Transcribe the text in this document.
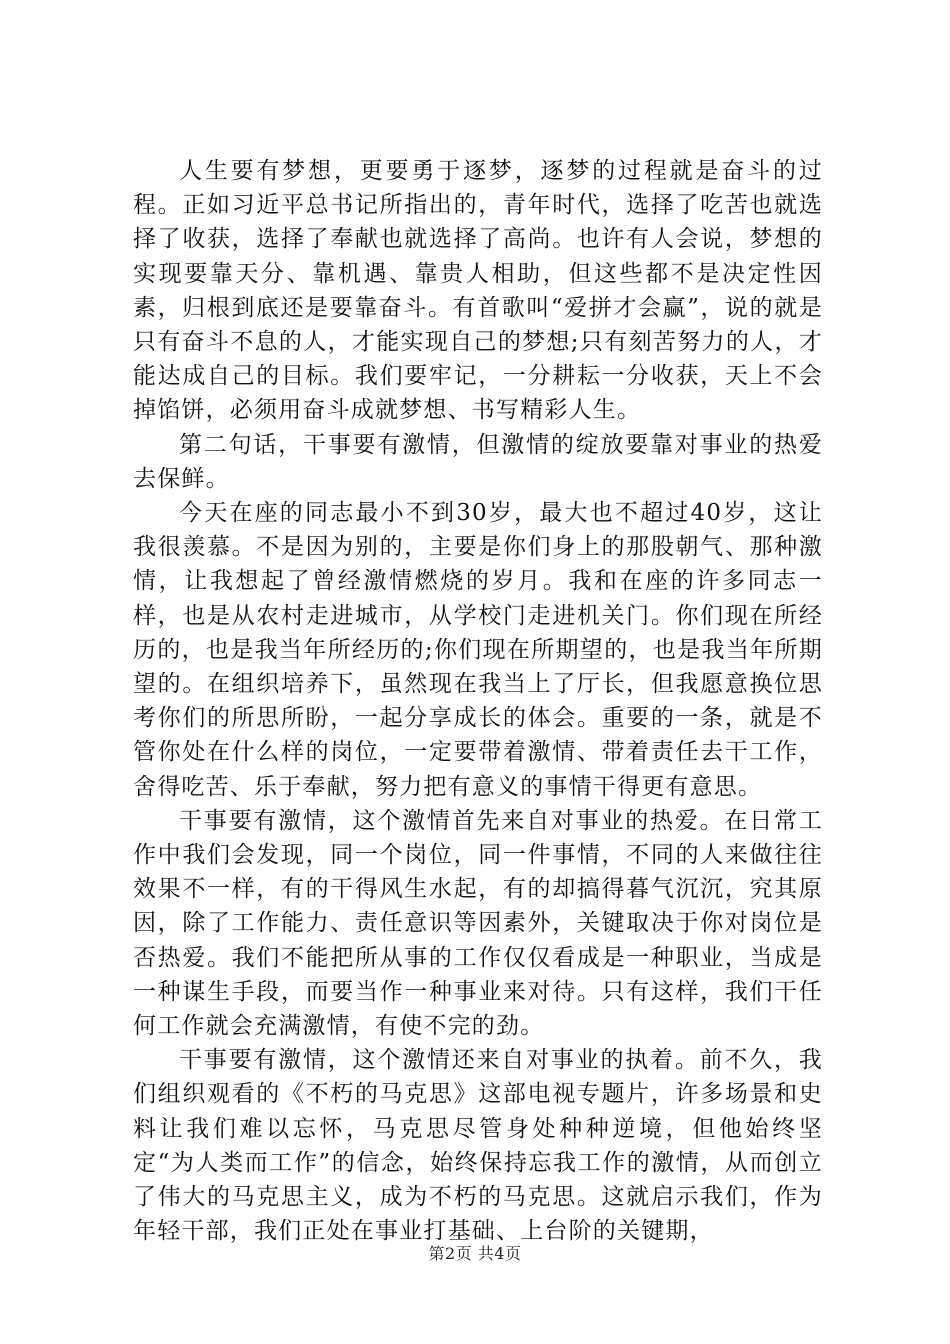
人生要有梦想，更要勇于逐梦，逐梦的过程就是奋斗的过程。正如习近平总书记所指出的，青年时代，选择了吃苦也就选择了收获，选择了奉献也就选择了高尚。也许有人会说，梦想的实现要靠天分、靠机遇、靠贵人相助，但这些都不是决定性因素，归根到底还是要靠奋斗。有首歌叫“爱拼才会赢”，说的就是只有奋斗不息的人，才能实现自己的梦想;只有刻苦努力的人，才能达成自己的目标。我们要牢记，一分耕耘一分收获，天上不会掉馅饼，必须用奋斗成就梦想、书写精彩人生。

第二句话，干事要有激情，但激情的绽放要靠对事业的热爱去保鲜。

今天在座的同志最小不到30岁，最大也不超过40岁，这让我很羡慕。不是因为别的，主要是你们身上的那股朝气、那种激情，让我想起了曾经激情燃烧的岁月。我和在座的许多同志一样，也是从农村走进城市，从学校门走进机关门。你们现在所经历的，也是我当年所经历的;你们现在所期望的，也是我当年所期望的。在组织培养下，虽然现在我当上了厅长，但我愿意换位思考你们的所思所盼，一起分享成长的体会。重要的一条，就是不管你处在什么样的岗位，一定要带着激情、带着责任去干工作，舍得吃苦、乐于奉献，努力把有意义的事情干得更有意思。

干事要有激情，这个激情首先来自对事业的热爱。在日常工作中我们会发现，同一个岗位，同一件事情，不同的人来做往往效果不一样，有的干得风生水起，有的却搞得暮气沉沉，究其原因，除了工作能力、责任意识等因素外，关键取决于你对岗位是否热爱。我们不能把所从事的工作仅仅看成是一种职业，当成是一种谋生手段，而要当作一种事业来对待。只有这样，我们干任何工作就会充满激情，有使不完的劲。

干事要有激情，这个激情还来自对事业的执着。前不久，我们组织观看的《不朽的马克思》这部电视专题片，许多场景和史料让我们难以忘怀，马克思尽管身处种种逆境，但他始终坚定“为人类而工作”的信念，始终保持忘我工作的激情，从而创立了伟大的马克思主义，成为不朽的马克思。这就启示我们，作为年轻干部，我们正处在事业打基础、上台阶的关键期，

第2页 共4页
